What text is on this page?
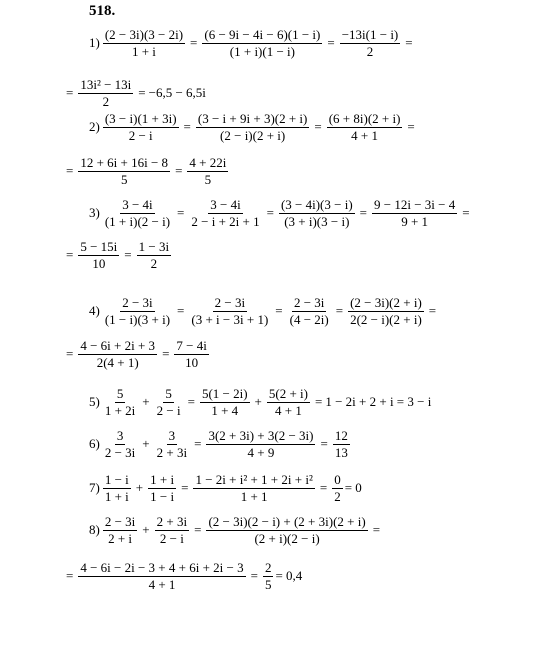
518.
$1) \frac{(2 - 3i)(3 - 2i)}{1 + i} = \frac{(6 - 9i - 4i - 6)(1 - i)}{(1 + i)(1 - i)} = \frac{-13i(1 - i)}{2}$ =
= $\frac{\text{13i² − 13i}}{2} = -6,5 - 6,5i$
$2) \frac{(3 - i)(1 + 3i)}{2 - i} = \frac{(3 - i + 9i + 3)(2 + i)}{(2 - i)(2 + i)} = \frac{(6 + 8i)(2 + i)}{4 + 1}$ =
= $\frac{12 + 6i + 16i - 8}{5} = \frac{4 + 22i}{5}$
$3) \frac{3 - 4i}{(1 + i)(2 - i)} = \frac{3 - 4i}{2 - i + 2i + 1} = \frac{(3 - 4i)(3 - i)}{(3 + i)(3 - i)} = \frac{9 - 12i - 3i - 4}{9 + 1}$ =
= $\frac{5 - 15i}{10} = \frac{1 - 3i}{2}$
$4) \frac{2 - 3i}{(1 - i)(3 + i)} = \frac{2 - 3i}{(3 + i - 3i + 1)} = \frac{2 - 3i}{(4 - 2i)} = \frac{(2 - 3i)(2 + i)}{2(2 - i)(2 + i)}$ =
= $\frac{4 - 6i + 2i + 3}{2(4 + 1)} = \frac{7 - 4i}{10}$
$5) \frac{5}{1 + 2i} + \frac{5}{2 - i} = \frac{5(1 - 2i)}{1 + 4} + \frac{5(2 + i)}{4 + 1} = 1 - 2i + 2 + i = 3 - i$
$6) \frac{3}{2 - 3i} + \frac{3}{2 + 3i} = \frac{3(2 + 3i) + 3(2 - 3i)}{4 + 9} = \frac{12}{13}$
$7) \frac{1 - i}{1 + i} + \frac{1 + i}{1 - i} = \frac{\text{1 − 2i + i² + 1 + 2i + i²}}{1 + 1} = \frac{0}{2} = 0$
$8) \frac{2 - 3i}{2 + i} + \frac{2 + 3i}{2 - i} = \frac{(2 - 3i)(2 - i) + (2 + 3i)(2 + i)}{(2 + i)(2 - i)}$ =
= $\frac{4 - 6i - 2i - 3 + 4 + 6i + 2i - 3}{4 + 1} = \frac{2}{5} = 0,4$
